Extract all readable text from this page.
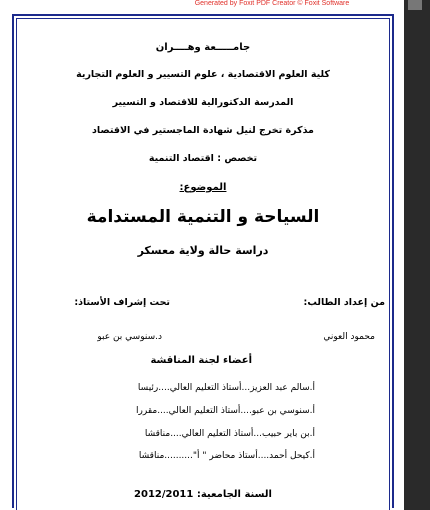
Generated by Foxit PDF Creator © Foxit Software
جامـــــعة وهــــران
كلية العلوم الاقتصادية ، علوم التسيير و العلوم التجارية
المدرسة الدكتورالية للاقتصاد و التسيير
مذكرة تخرج لنيل شهادة الماجستير في الاقتصاد
تخصص : اقتصاد التنمية
الموضوع:
السياحة و التنمية المستدامة
دراسة حالة ولاية معسكر
من إعداد الطالب:
تحت إشراف الأستاذ:
محمود العوني
د.سنوسي بن عبو
أعضاء لجنة المناقشة
أ.سالم عبد العزيز...أستاذ التعليم العالي....رئيسا
أ.سنوسي بن عبو....أستاذ التعليم العالي....مقررا
أ.بن باير حبيب...أستاذ التعليم العالي....مناقشا
أ.كيحل أحمد....أستاذ محاضر " أ"..........مناقشا
السنة الجامعية: 2012/2011
